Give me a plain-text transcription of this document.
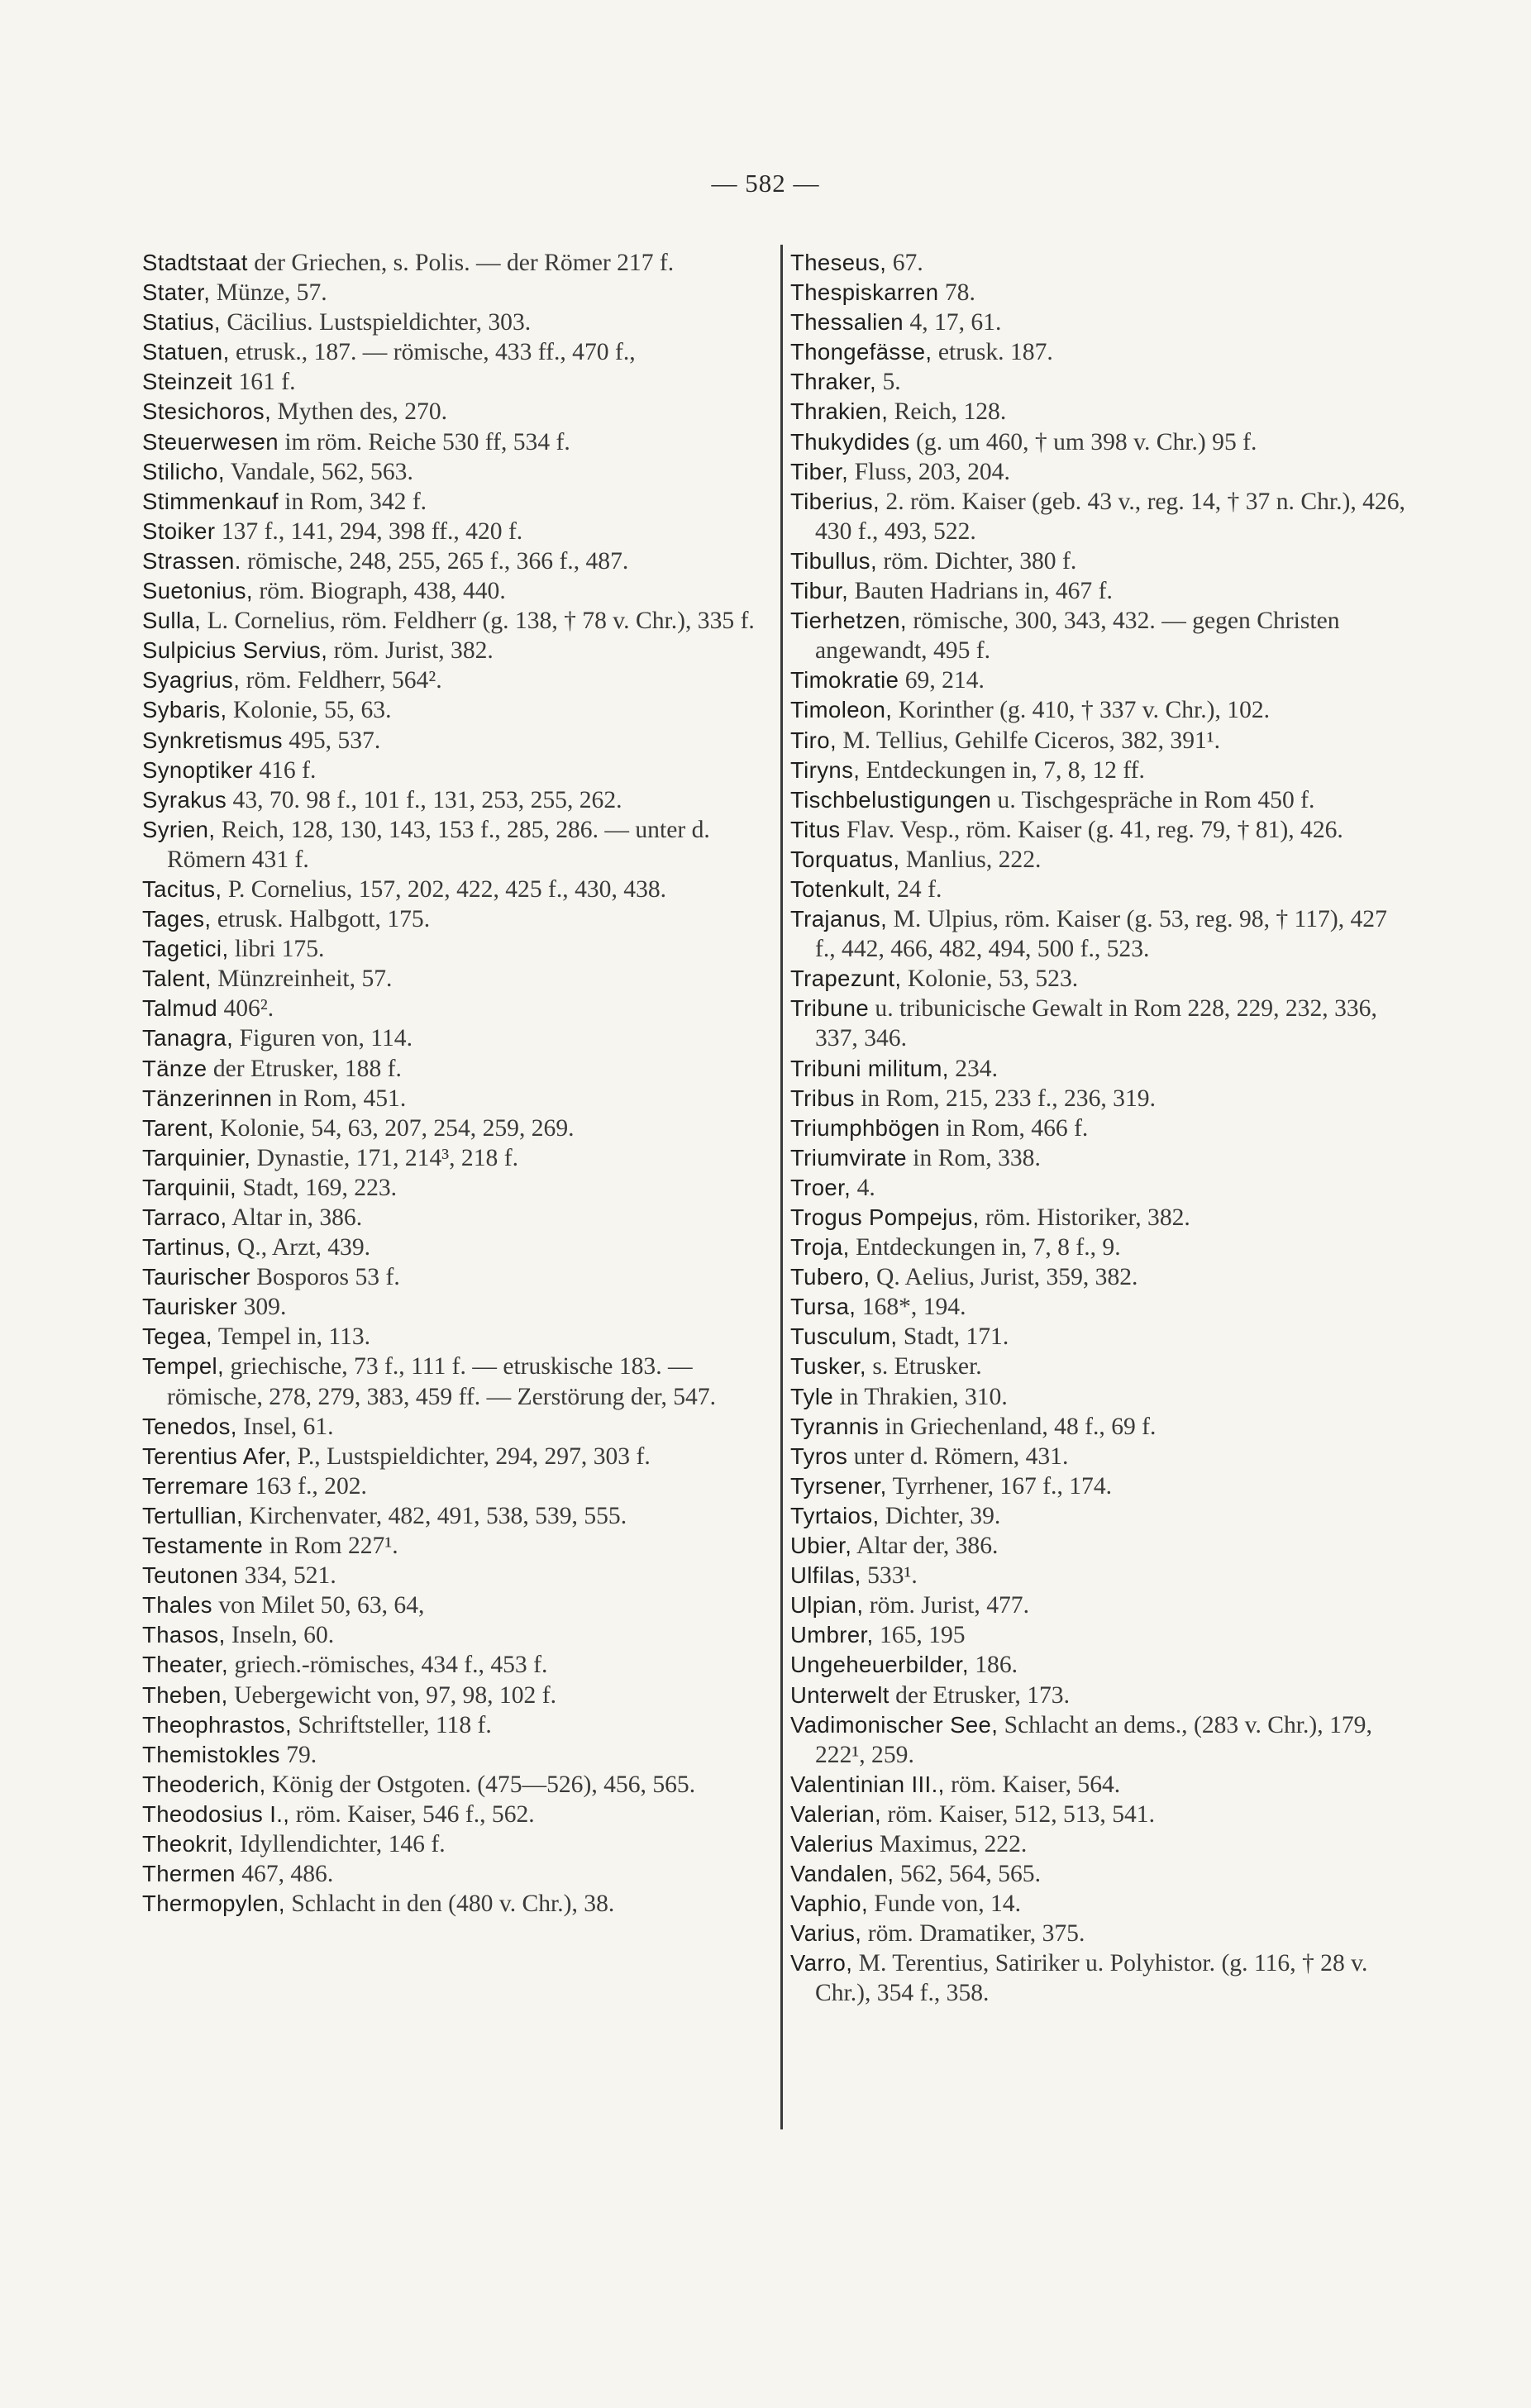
— 582 —
Stadtstaat der Griechen, s. Polis. — der Römer 217 f.
Stater, Münze, 57.
Statius, Cäcilius. Lustspieldichter, 303.
Statuen, etrusk., 187. — römische, 433 ff., 470 f.,
Steinzeit 161 f.
Stesichoros, Mythen des, 270.
Steuerwesen im röm. Reiche 530 ff, 534 f.
Stilicho, Vandale, 562, 563.
Stimmenkauf in Rom, 342 f.
Stoiker 137 f., 141, 294, 398 ff., 420 f.
Strassen. römische, 248, 255, 265 f., 366 f., 487.
Suetonius, röm. Biograph, 438, 440.
Sulla, L. Cornelius, röm. Feldherr (g. 138, † 78 v. Chr.), 335 f.
Sulpicius Servius, röm. Jurist, 382.
Syagrius, röm. Feldherr, 564².
Sybaris, Kolonie, 55, 63.
Synkretismus 495, 537.
Synoptiker 416 f.
Syrakus 43, 70. 98 f., 101 f., 131, 253, 255, 262.
Syrien, Reich, 128, 130, 143, 153 f., 285, 286. — unter d. Römern 431 f.
Tacitus, P. Cornelius, 157, 202, 422, 425 f., 430, 438.
Tages, etrusk. Halbgott, 175.
Tagetici, libri 175.
Talent, Münzreinheit, 57.
Talmud 406².
Tanagra, Figuren von, 114.
Tänze der Etrusker, 188 f.
Tänzerinnen in Rom, 451.
Tarent, Kolonie, 54, 63, 207, 254, 259, 269.
Tarquinier, Dynastie, 171, 214³, 218 f.
Tarquinii, Stadt, 169, 223.
Tarraco, Altar in, 386.
Tartinus, Q., Arzt, 439.
Taurischer Bosporos 53 f.
Taurisker 309.
Tegea, Tempel in, 113.
Tempel, griechische, 73 f., 111 f. — etruskische 183. — römische, 278, 279, 383, 459 ff. — Zerstörung der, 547.
Tenedos, Insel, 61.
Terentius Afer, P., Lustspieldichter, 294, 297, 303 f.
Terremare 163 f., 202.
Tertullian, Kirchenvater, 482, 491, 538, 539, 555.
Testamente in Rom 227¹.
Teutonen 334, 521.
Thales von Milet 50, 63, 64,
Thasos, Inseln, 60.
Theater, griech.-römisches, 434 f., 453 f.
Theben, Uebergewicht von, 97, 98, 102 f.
Theophrastos, Schriftsteller, 118 f.
Themistokles 79.
Theoderich, König der Ostgoten. (475—526), 456, 565.
Theodosius I., röm. Kaiser, 546 f., 562.
Theokrit, Idyllendichter, 146 f.
Thermen 467, 486.
Thermopylen, Schlacht in den (480 v. Chr.), 38.
Theseus, 67.
Thespiskarren 78.
Thessalien 4, 17, 61.
Thongefässe, etrusk. 187.
Thraker, 5.
Thrakien, Reich, 128.
Thukydides (g. um 460, † um 398 v. Chr.) 95 f.
Tiber, Fluss, 203, 204.
Tiberius, 2. röm. Kaiser (geb. 43 v., reg. 14, † 37 n. Chr.), 426, 430 f., 493, 522.
Tibullus, röm. Dichter, 380 f.
Tibur, Bauten Hadrians in, 467 f.
Tierhetzen, römische, 300, 343, 432. — gegen Christen angewandt, 495 f.
Timokratie 69, 214.
Timoleon, Korinther (g. 410, † 337 v. Chr.), 102.
Tiro, M. Tellius, Gehilfe Ciceros, 382, 391¹.
Tiryns, Entdeckungen in, 7, 8, 12 ff.
Tischbelustigungen u. Tischgespräche in Rom 450 f.
Titus Flav. Vesp., röm. Kaiser (g. 41, reg. 79, † 81), 426.
Torquatus, Manlius, 222.
Totenkult, 24 f.
Trajanus, M. Ulpius, röm. Kaiser (g. 53, reg. 98, † 117), 427 f., 442, 466, 482, 494, 500 f., 523.
Trapezunt, Kolonie, 53, 523.
Tribune u. tribunicische Gewalt in Rom 228, 229, 232, 336, 337, 346.
Tribuni militum, 234.
Tribus in Rom, 215, 233 f., 236, 319.
Triumphbögen in Rom, 466 f.
Triumvirate in Rom, 338.
Troer, 4.
Trogus Pompejus, röm. Historiker, 382.
Troja, Entdeckungen in, 7, 8 f., 9.
Tubero, Q. Aelius, Jurist, 359, 382.
Tursa, 168*, 194.
Tusculum, Stadt, 171.
Tusker, s. Etrusker.
Tyle in Thrakien, 310.
Tyrannis in Griechenland, 48 f., 69 f.
Tyros unter d. Römern, 431.
Tyrsener, Tyrrhener, 167 f., 174.
Tyrtaios, Dichter, 39.
Ubier, Altar der, 386.
Ulfilas, 533¹.
Ulpian, röm. Jurist, 477.
Umbrer, 165, 195
Ungeheuerbilder, 186.
Unterwelt der Etrusker, 173.
Vadimonischer See, Schlacht an dems., (283 v. Chr.), 179, 222¹, 259.
Valentinian III., röm. Kaiser, 564.
Valerian, röm. Kaiser, 512, 513, 541.
Valerius Maximus, 222.
Vandalen, 562, 564, 565.
Vaphio, Funde von, 14.
Varius, röm. Dramatiker, 375.
Varro, M. Terentius, Satiriker u. Polyhistor. (g. 116, † 28 v. Chr.), 354 f., 358.
